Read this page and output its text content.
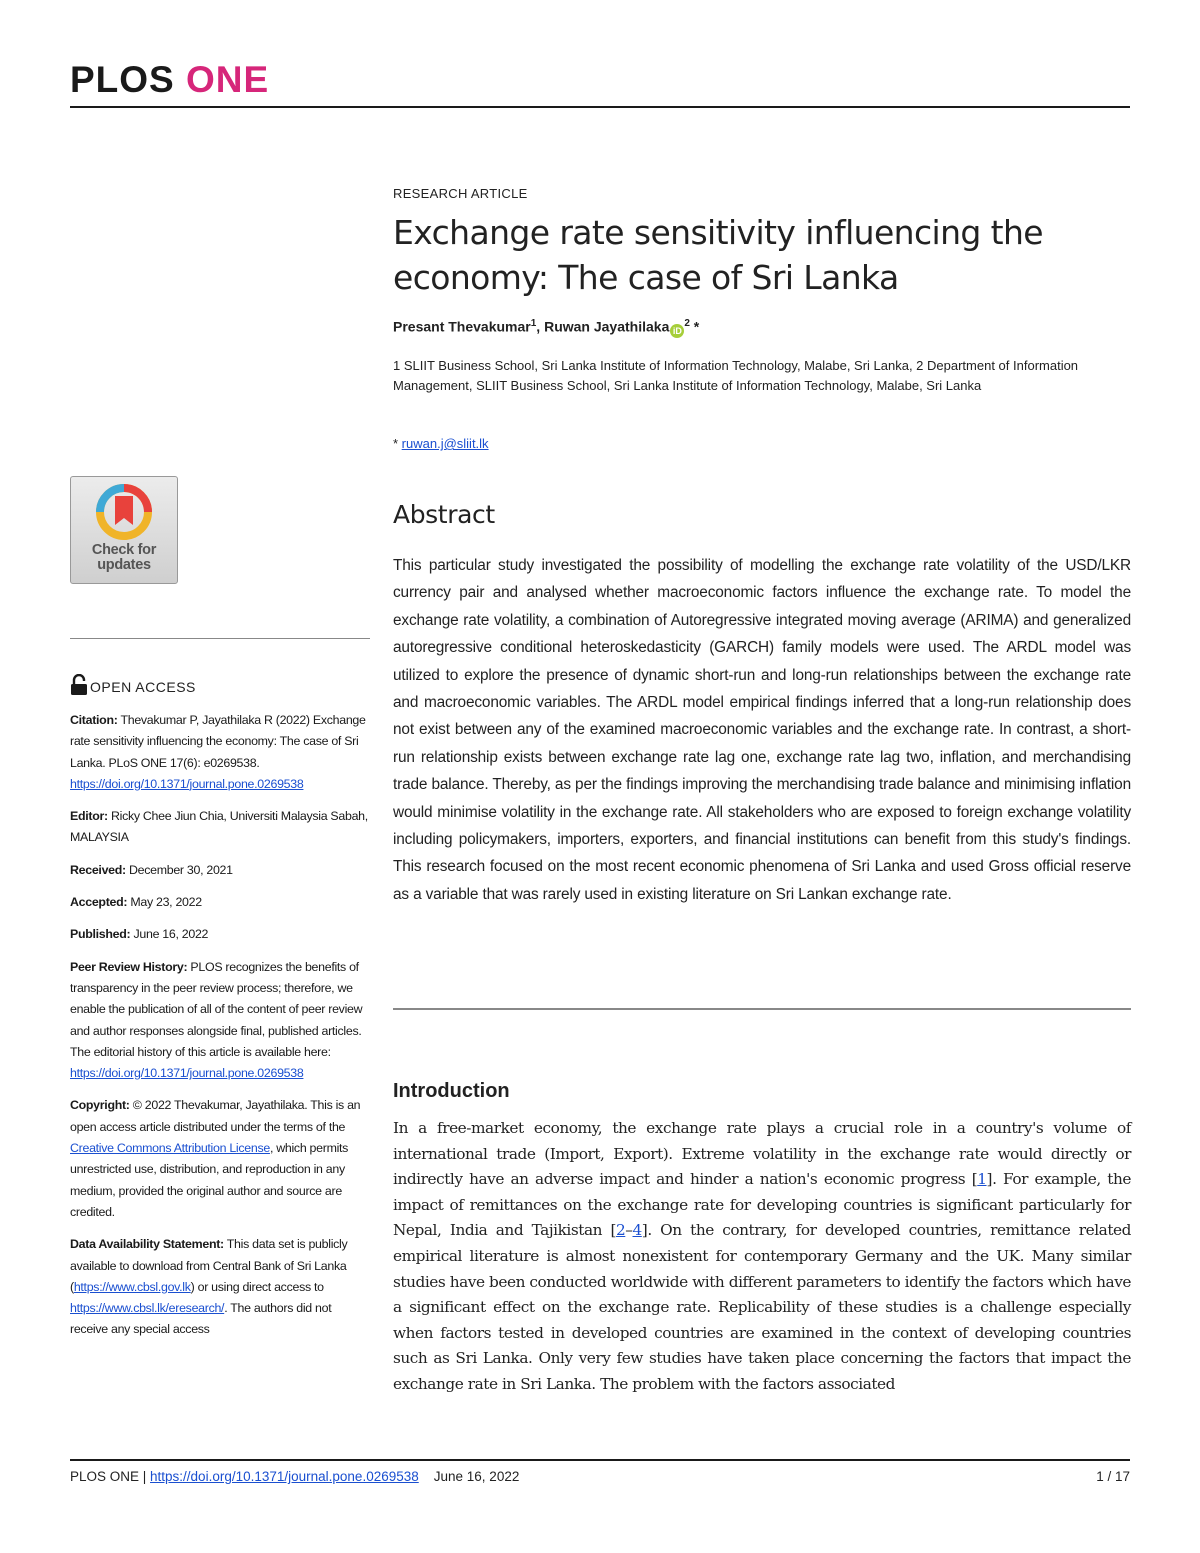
PLOS ONE
RESEARCH ARTICLE
Exchange rate sensitivity influencing the economy: The case of Sri Lanka
Presant Thevakumar$^1$, Ruwan Jayathilaka $iD^2$ *
1 SLIIT Business School, Sri Lanka Institute of Information Technology, Malabe, Sri Lanka, 2 Department of Information Management, SLIIT Business School, Sri Lanka Institute of Information Technology, Malabe, Sri Lanka
* ruwan.j@sliit.lk
Abstract

This particular study investigated the possibility of modelling the exchange rate volatility of the USD/LKR currency pair and analysed whether macroeconomic factors influence the exchange rate. To model the exchange rate volatility, a combination of Autoregressive integrated moving average (ARIMA) and generalized autoregressive conditional heteroskedasticity (GARCH) family models were used. The ARDL model was utilized to explore the presence of dynamic short-run and long-run relationships between the exchange rate and macroeconomic variables. The ARDL model empirical findings inferred that a long-run relationship does not exist between any of the examined macroeconomic variables and the exchange rate. In contrast, a short-run relationship exists between exchange rate lag one, exchange rate lag two, inflation, and merchandising trade balance. Thereby, as per the findings improving the merchandising trade balance and minimising inflation would minimise volatility in the exchange rate. All stakeholders who are exposed to foreign exchange volatility including policymakers, importers, exporters, and financial institutions can benefit from this study's findings. This research focused on the most recent economic phenomena of Sri Lanka and used Gross official reserve as a variable that was rarely used in existing literature on Sri Lankan exchange rate.

Introduction

In a free-market economy, the exchange rate plays a crucial role in a country's volume of international trade (Import, Export). Extreme volatility in the exchange rate would directly or indirectly have an adverse impact and hinder a nation's economic progress [1]. For example, the impact of remittances on the exchange rate for developing countries is significant particularly for Nepal, India and Tajikistan [2–4]. On the contrary, for developed countries, remittance related empirical literature is almost nonexistent for contemporary Germany and the UK. Many similar studies have been conducted worldwide with different parameters to identify the factors which have a significant effect on the exchange rate. Replicability of these studies is a challenge especially when factors tested in developed countries are examined in the context of developing countries such as Sri Lanka. Only very few studies have taken place concerning the factors that impact the exchange rate in Sri Lanka. The problem with the factors associated

Check for
updates
OPEN ACCESS

Citation: Thevakumar P, Jayathilaka R (2022) Exchange rate sensitivity influencing the economy: The case of Sri Lanka. PLoS ONE 17(6): e0269538. https://doi.org/10.1371/journal.pone.0269538

Editor: Ricky Chee Jiun Chia, Universiti Malaysia Sabah, MALAYSIA

Received: December 30, 2021

Accepted: May 23, 2022

Published: June 16, 2022

Peer Review History: PLOS recognizes the benefits of transparency in the peer review process; therefore, we enable the publication of all of the content of peer review and author responses alongside final, published articles. The editorial history of this article is available here: https://doi.org/10.1371/journal.pone.0269538

Copyright: © 2022 Thevakumar, Jayathilaka. This is an open access article distributed under the terms of the Creative Commons Attribution License, which permits unrestricted use, distribution, and reproduction in any medium, provided the original author and source are credited.

Data Availability Statement: This data set is publicly available to download from Central Bank of Sri Lanka (https://www.cbsl.gov.lk) or using direct access to https://www.cbsl.lk/eresearch/. The authors did not receive any special access

PLOS ONE | https://doi.org/10.1371/journal.pone.0269538 June 16, 2022	1 / 17
